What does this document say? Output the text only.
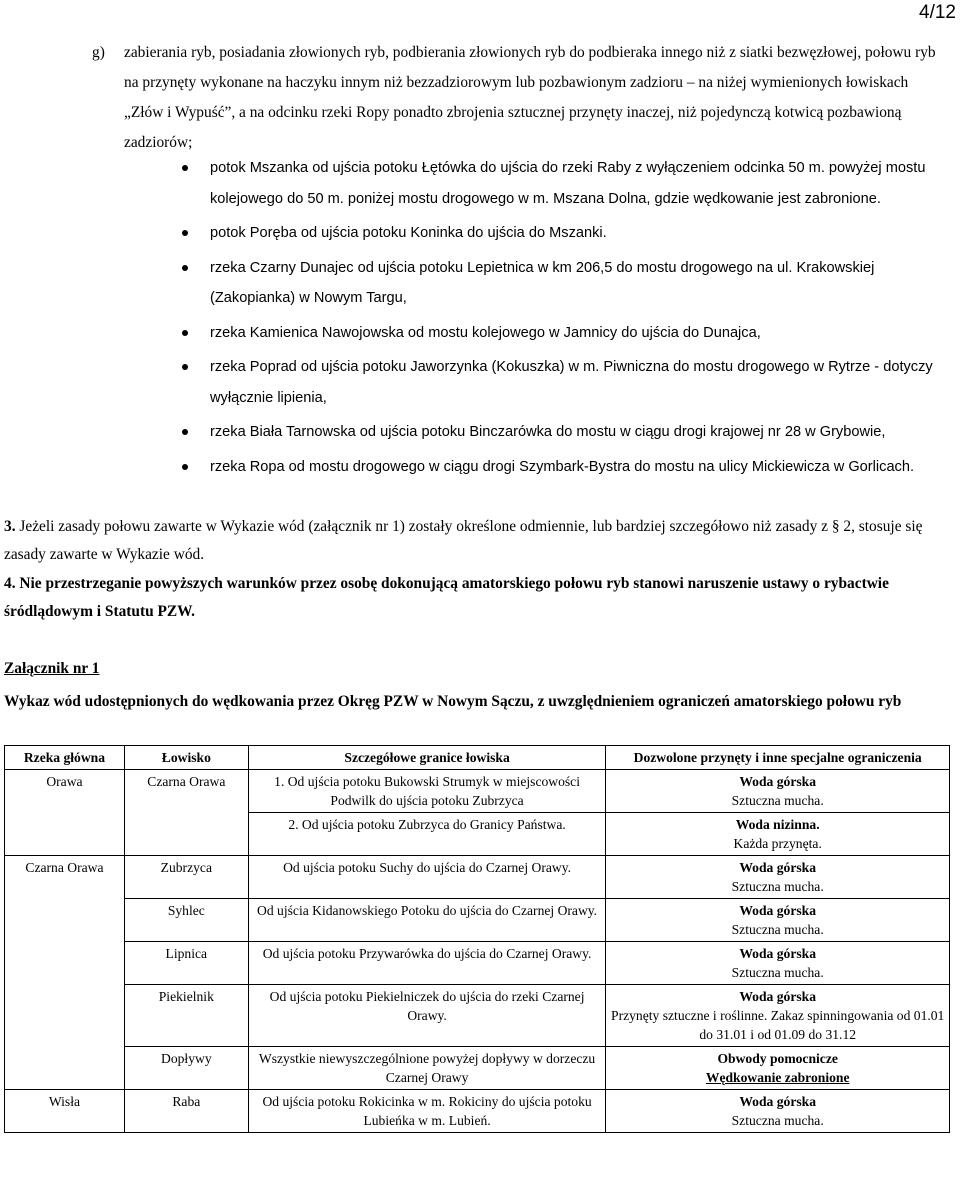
4/12
g) zabierania ryb, posiadania złowionych ryb, podbierania złowionych ryb do podbieraka innego niż z siatki bezwęzłowej, połowu ryb na przynęty wykonane na haczyku innym niż bezzadziorowym lub pozbawionym zadzioru – na niżej wymienionych łowiskach „Złów i Wypuść”, a na odcinku rzeki Ropy ponadto zbrojenia sztucznej przynęty inaczej, niż pojedynczą kotwicą pozbawioną zadziorów;
potok Mszanka od ujścia potoku Łętówka do ujścia do rzeki Raby z wyłączeniem odcinka 50 m. powyżej mostu kolejowego do 50 m. poniżej mostu drogowego w m. Mszana Dolna, gdzie wędkowanie jest zabronione.
potok Poręba od ujścia potoku Koninka do ujścia do Mszanki.
rzeka Czarny Dunajec od ujścia potoku Lepietnica w km 206,5 do mostu drogowego na ul. Krakowskiej (Zakopianka) w Nowym Targu,
rzeka Kamienica Nawojowska od mostu kolejowego w Jamnicy do ujścia do Dunajca,
rzeka Poprad od ujścia potoku Jaworzynka (Kokuszka) w m. Piwniczna do mostu drogowego w Rytrze - dotyczy wyłącznie lipienia,
rzeka Biała Tarnowska od ujścia potoku Binczarówka do mostu w ciągu drogi krajowej nr 28 w Grybowie,
rzeka Ropa od mostu drogowego w ciągu drogi Szymbark-Bystra do mostu na ulicy Mickiewicza w Gorlicach.
3. Jeżeli zasady połowu zawarte w Wykazie wód (załącznik nr 1) zostały określone odmiennie, lub bardziej szczegółowo niż zasady z § 2, stosuje się zasady zawarte w Wykazie wód.
4. Nie przestrzeganie powyższych warunków przez osobę dokonującą amatorskiego połowu ryb stanowi naruszenie ustawy o rybactwie śródlądowym i Statutu PZW.
Załącznik nr 1
Wykaz wód udostępnionych do wędkowania przez Okręg PZW w Nowym Sączu, z uwzględnieniem ograniczeń amatorskiego połowu ryb
Rzeka główna	Łowisko	Szczegółowe granice łowiska	Dozwolone przynęty i inne specjalne ograniczenia
Orawa	Czarna Orawa	1. Od ujścia potoku Bukowski Strumyk w miejscowości Podwilk do ujścia potoku Zubrzyca	Woda górska
Sztuczna mucha.

		2. Od ujścia potoku Zubrzyca do Granicy Państwa.	Woda nizinna.
Każda przynęta.

Czarna Orawa	Zubrzyca	Od ujścia potoku Suchy do ujścia do Czarnej Orawy.	Woda górska
Sztuczna mucha.

	Syhlec	Od ujścia Kidanowskiego Potoku do ujścia do Czarnej Orawy.	Woda górska
Sztuczna mucha.

	Lipnica	Od ujścia potoku Przywarówka do ujścia do Czarnej Orawy.	Woda górska
Sztuczna mucha.

	Piekielnik	Od ujścia potoku Piekielniczek do ujścia do rzeki Czarnej Orawy.	Woda górska
Przynęty sztuczne i roślinne. Zakaz spinningowania od 01.01 do 31.01 i od 01.09 do 31.12

	Dopływy	Wszystkie niewyszczególnione powyżej dopływy w dorzeczu Czarnej Orawy	Obwody pomocnicze
Wędkowanie zabronione

Wisła	Raba	Od ujścia potoku Rokicinka w m. Rokiciny do ujścia potoku Lubieńka w m. Lubień.	Woda górska
Sztuczna mucha.
